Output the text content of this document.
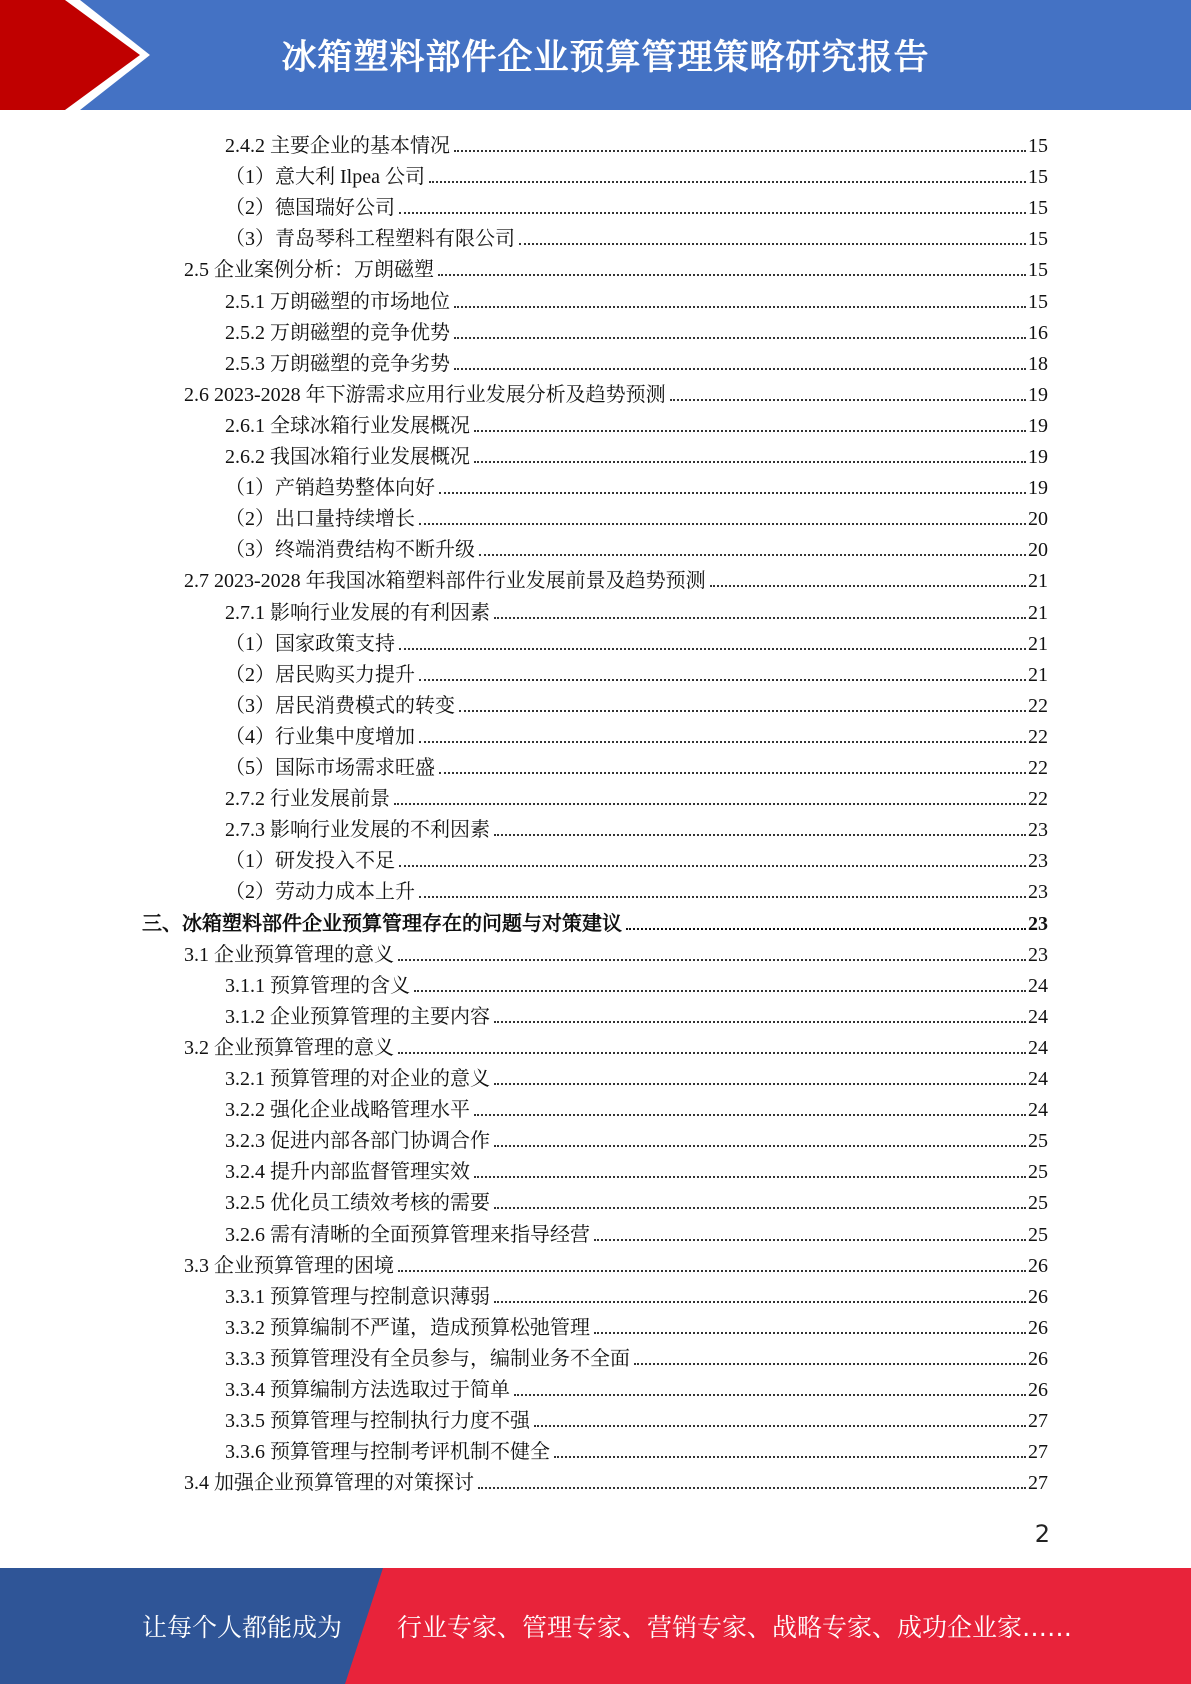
冰箱塑料部件企业预算管理策略研究报告
2.4.2 主要企业的基本情况	15
（1）意大利 Ilpea 公司	15
（2）德国瑞好公司	15
（3）青岛琴科工程塑料有限公司	15
2.5 企业案例分析：万朗磁塑	15
2.5.1 万朗磁塑的市场地位	15
2.5.2 万朗磁塑的竞争优势	16
2.5.3 万朗磁塑的竞争劣势	18
2.6 2023-2028 年下游需求应用行业发展分析及趋势预测	19
2.6.1 全球冰箱行业发展概况	19
2.6.2 我国冰箱行业发展概况	19
（1）产销趋势整体向好	19
（2）出口量持续增长	20
（3）终端消费结构不断升级	20
2.7 2023-2028 年我国冰箱塑料部件行业发展前景及趋势预测	21
2.7.1 影响行业发展的有利因素	21
（1）国家政策支持	21
（2）居民购买力提升	21
（3）居民消费模式的转变	22
（4）行业集中度增加	22
（5）国际市场需求旺盛	22
2.7.2 行业发展前景	22
2.7.3 影响行业发展的不利因素	23
（1）研发投入不足	23
（2）劳动力成本上升	23
三、冰箱塑料部件企业预算管理存在的问题与对策建议	23
3.1 企业预算管理的意义	23
3.1.1 预算管理的含义	24
3.1.2 企业预算管理的主要内容	24
3.2 企业预算管理的意义	24
3.2.1 预算管理的对企业的意义	24
3.2.2 强化企业战略管理水平	24
3.2.3 促进内部各部门协调合作	25
3.2.4 提升内部监督管理实效	25
3.2.5 优化员工绩效考核的需要	25
3.2.6 需有清晰的全面预算管理来指导经营	25
3.3 企业预算管理的困境	26
3.3.1 预算管理与控制意识薄弱	26
3.3.2 预算编制不严谨，造成预算松弛管理	26
3.3.3 预算管理没有全员参与，编制业务不全面	26
3.3.4 预算编制方法选取过于简单	26
3.3.5 预算管理与控制执行力度不强	27
3.3.6 预算管理与控制考评机制不健全	27
3.4 加强企业预算管理的对策探讨	27
2
让每个人都能成为 行业专家、管理专家、营销专家、战略专家、成功企业家……
